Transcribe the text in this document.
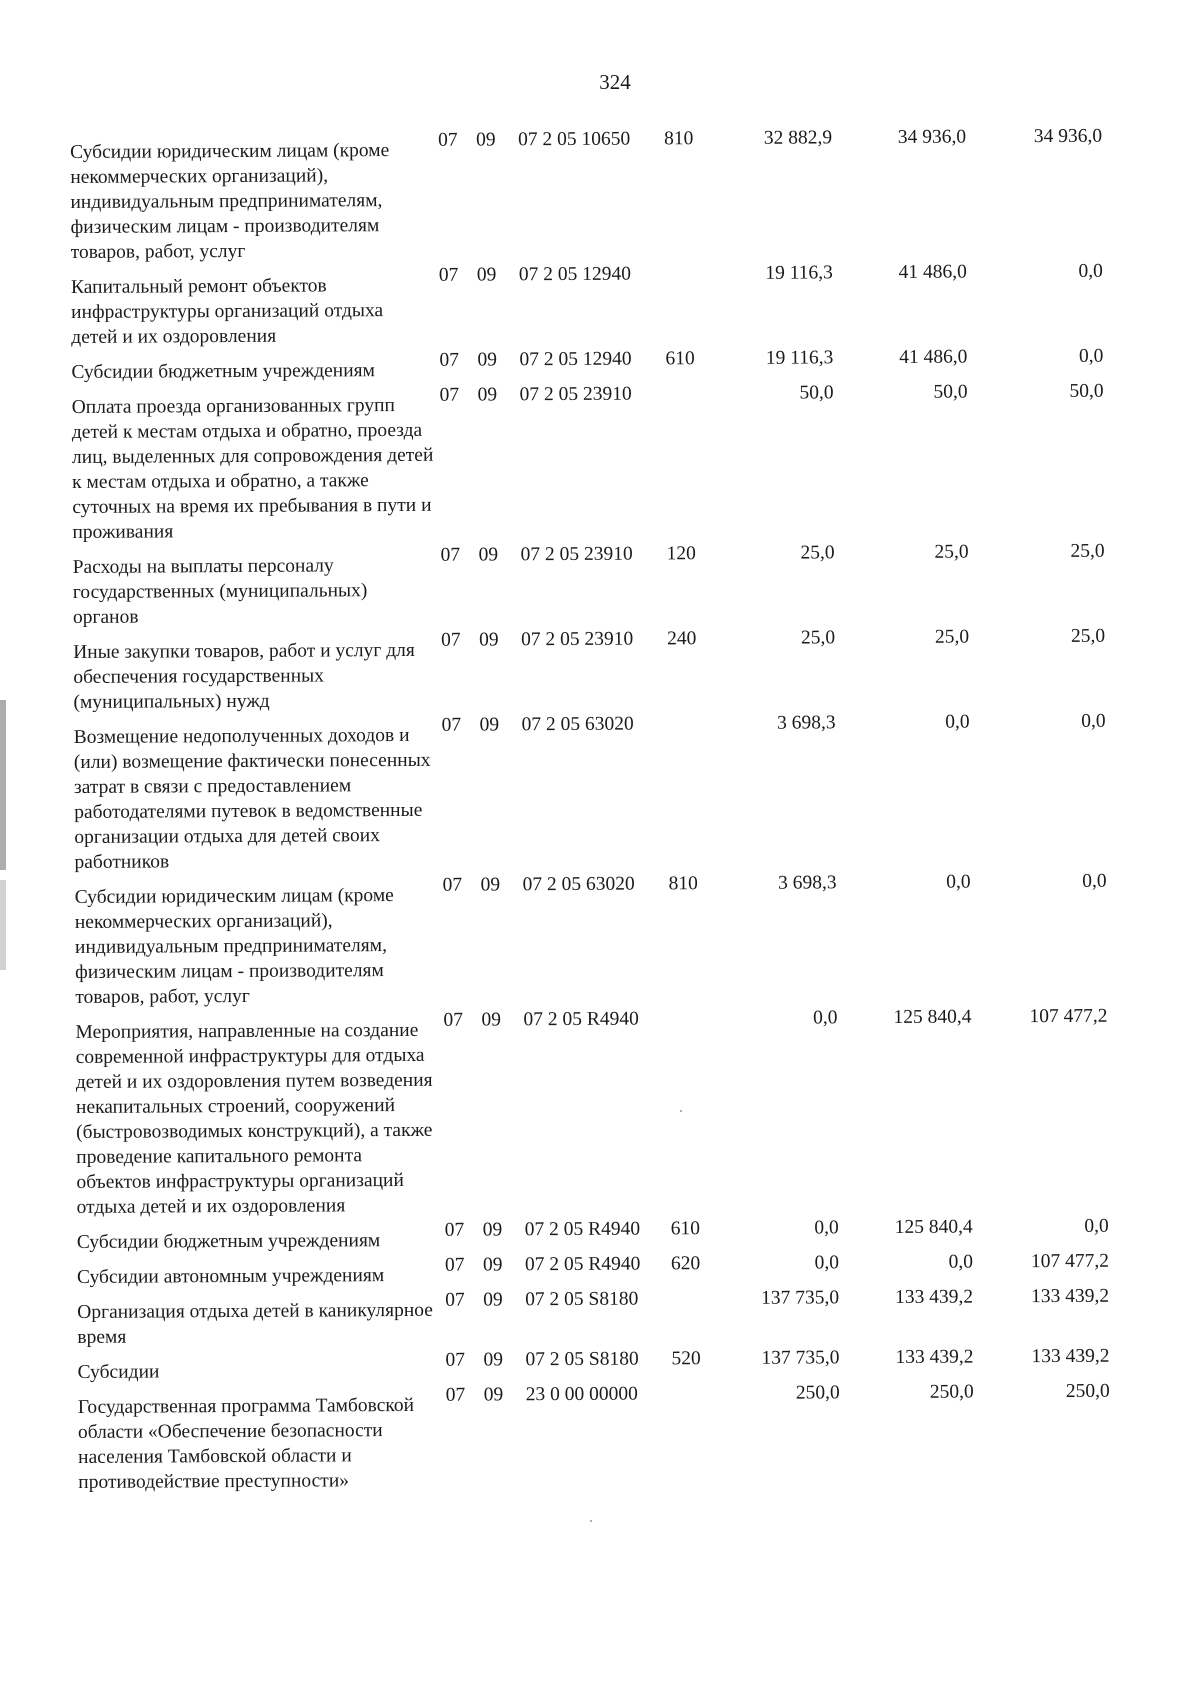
324
Субсидии юридическим лицам (кроме некоммерческих организаций), индивидуальным предпринимателям, физическим лицам - производителям товаров, работ, услуг
07 09	07 2 05 10650	810	32 882,9	34 936,0	34 936,0
Капитальный ремонт объектов инфраструктуры организаций отдыха детей и их оздоровления
07 09	07 2 05 12940	19 116,3	41 486,0	0,0
Субсидии бюджетным учреждениям	07 09	07 2 05 12940	610	19 116,3	41 486,0	0,0
Оплата проезда организованных групп детей к местам отдыха и обратно, проезда лиц, выделенных для сопровождения детей к местам отдыха и обратно, а также суточных на время их пребывания в пути и проживания
07 09	07 2 05 23910	50,0	50,0	50,0
Расходы на выплаты персоналу государственных (муниципальных) органов
07 09	07 2 05 23910	120	25,0	25,0	25,0
Иные закупки товаров, работ и услуг для обеспечения государственных (муниципальных) нужд
07 09	07 2 05 23910	240	25,0	25,0	25,0
Возмещение недополученных доходов и (или) возмещение фактически понесенных затрат в связи с предоставлением работодателями путевок в ведомственные организации отдыха для детей своих работников
07 09	07 2 05 63020	3 698,3	0,0	0,0
Субсидии юридическим лицам (кроме некоммерческих организаций), индивидуальным предпринимателям, физическим лицам - производителям товаров, работ, услуг
07 09	07 2 05 63020	810	3 698,3	0,0	0,0
Мероприятия, направленные на создание современной инфраструктуры для отдыха детей и их оздоровления путем возведения некапитальных строений, сооружений (быстровозводимых конструкций), а также проведение капитального ремонта объектов инфраструктуры организаций отдыха детей и их оздоровления
07 09	07 2 05 R4940	0,0	125 840,4	107 477,2
Субсидии бюджетным учреждениям	07 09	07 2 05 R4940	610	0,0	125 840,4	0,0
Субсидии автономным учреждениям	07 09	07 2 05 R4940	620	0,0	0,0	107 477,2
Организация отдыха детей в каникулярное время
07 09	07 2 05 S8180	137 735,0	133 439,2	133 439,2
Субсидии
07 09	07 2 05 S8180	520	137 735,0	133 439,2	133 439,2
Государственная программа Тамбовской области «Обеспечение безопасности населения Тамбовской области и противодействие преступности»
07 09	23 0 00 00000	250,0	250,0	250,0
